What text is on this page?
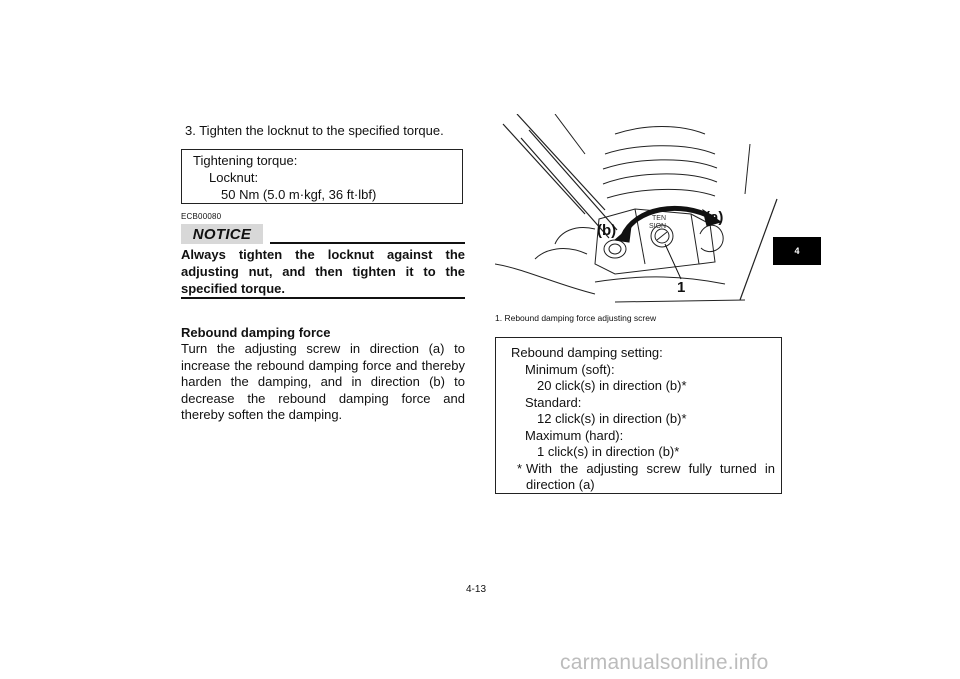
3. Tighten the locknut to the specified torque.
Tightening torque:
Locknut:
50 Nm (5.0 m·kgf, 36 ft·lbf)
ECB00080
NOTICE
Always tighten the locknut against the adjusting nut, and then tighten it to the specified torque.
Rebound damping force
Turn the adjusting screw in direction (a) to increase the rebound damping force and thereby harden the damping, and in direction (b) to decrease the rebound damping force and thereby soften the damping.
TEN
SION
(b)
(a)
1
1. Rebound damping force adjusting screw
Rebound damping setting:
Minimum (soft):
20 click(s) in direction (b)*
Standard:
12 click(s) in direction (b)*
Maximum (hard):
1 click(s) in direction (b)*
* With the adjusting screw fully turned in direction (a)
4
4-13
carmanualsonline.info
